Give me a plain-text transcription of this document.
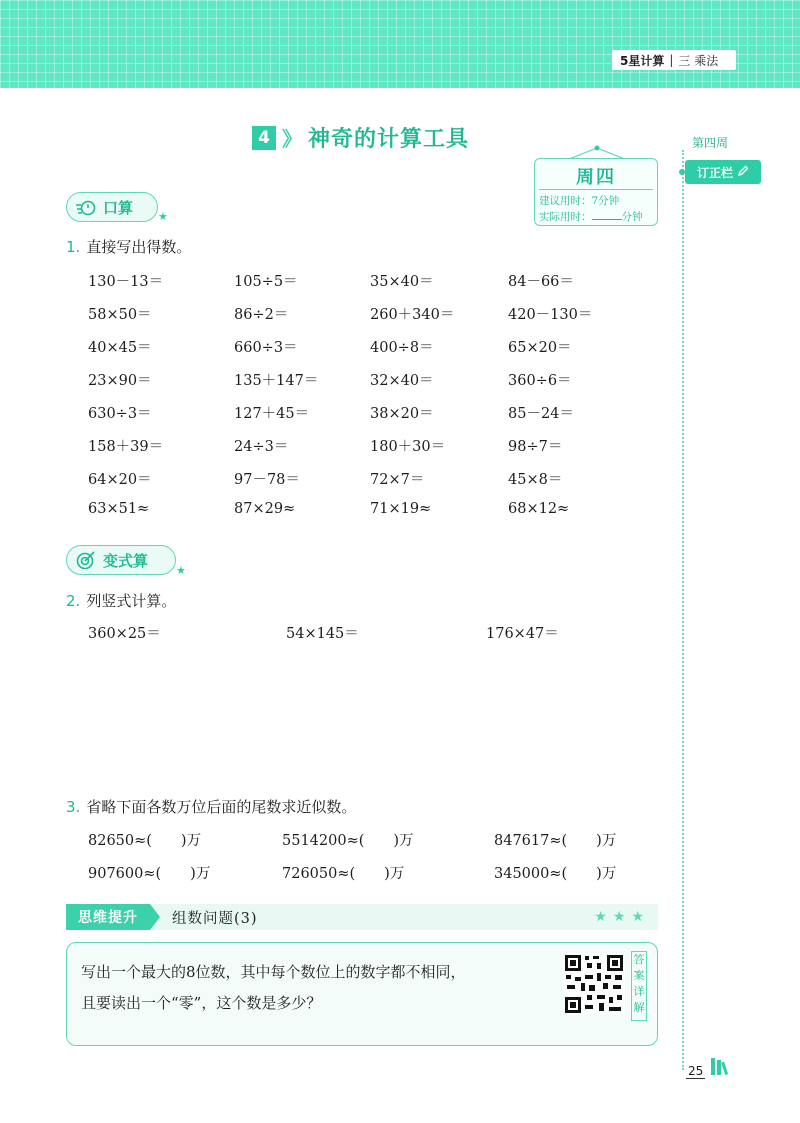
5星计算 | 三 乘法
第四周
订正栏
25
4 》 神奇的计算工具
周四
建议用时：7分钟
实际用时：	分钟
口算 ★
1. 直接写出得数。
130－13＝	105÷5＝	35×40＝	84－66＝
58×50＝	86÷2＝	260＋340＝	420－130＝
40×45＝	660÷3＝	400÷8＝	65×20＝
23×90＝	135＋147＝	32×40＝	360÷6＝
630÷3＝	127＋45＝	38×20＝	85－24＝
158＋39＝	24÷3＝	180＋30＝	98÷7＝
64×20＝	97－78＝	72×7＝	45×8＝
63×51≈	87×29≈	71×19≈	68×12≈
变式算
★
2. 列竖式计算。
360×25＝	54×145＝	176×47＝
3. 省略下面各数万位后面的尾数求近似数。
82650≈(　　)万	5514200≈(　　)万	847617≈(　　)万
907600≈(　　)万	726050≈(　　)万	345000≈(　　)万
思维提升	组数问题(3)	★★★
写出一个最大的8位数，其中每个数位上的数字都不相同，
且要读出一个“零”，这个数是多少？
答案详解
